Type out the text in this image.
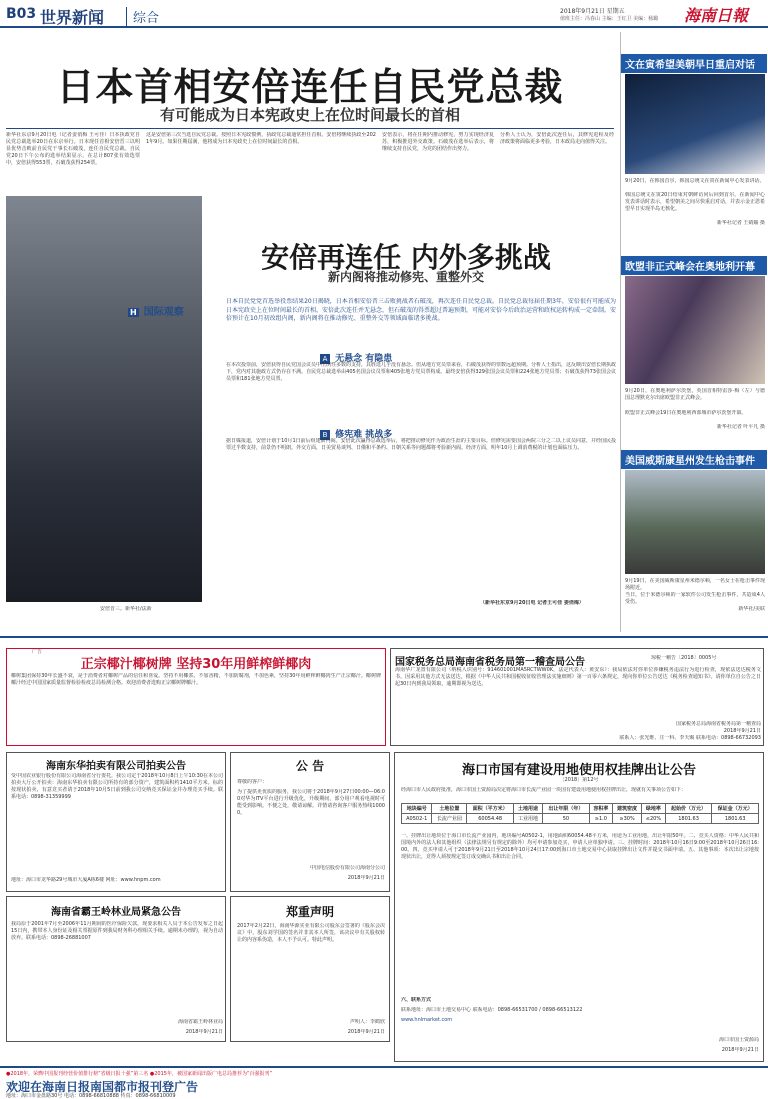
B03 世界新闻	综合	2018年9月21日 星期五
值班主任：冯春山 主编：王红卫 美编：杨璐 海南日報
日本首相安倍连任自民党总裁
有可能成为日本宪政史上在位时间最长的首相
新华社东京9月20日电（记者姜俏梅 王可佳）日本执政党自民党总裁选举20日在东京举行。日本现任首相安倍晋三以明显优势击败前自民党干事长石破茂，连任自民党总裁。自民党20日下午公布的选举结果显示，在总计807张有效选票中，安倍获得553票，石破茂获得254票。
这是安倍第三次当选自民党总裁。按照日本宪政惯例，执政党总裁通常担任首相。安倍将继续执政至2021年9月。如果任期届满，他将成为日本宪政史上在位时间最长的首相。
安倍表示，将在任期内推动修宪，努力实现经济复苏，积极推进外交政策。石破茂在选举后表示，将继续支持自民党，为党的团结作出努力。
分析人士认为，安倍此次连任后，其修宪进程及经济政策将面临更多考验，日本政局走向值得关注。
文在寅希望美朝早日重启对话
9月20日，在韩国首尔，韩国总统文在寅在新闻中心发表讲话。
韩国总统文在寅20日结束对朝鲜访问后回到首尔，在新闻中心发表讲话时表示，希望朝美之间尽快重启对话，并表示金正恩希望早日实现半岛无核化。
新华社记者 王婧嫱 摄
欧盟非正式峰会在奥地利开幕
9月20日，在奥地利萨尔茨堡，英国首相特雷莎·梅（左）与德国总理默克尔出席欧盟非正式峰会。
欧盟非正式峰会19日在奥地利西部城市萨尔茨堡开幕。
新华社记者 叶平凡 摄
美国威斯康星州发生枪击事件
9月19日，在美国威斯康星州米德尔顿，一名女士在枪击事件现场附近。
当日，位于米德尔顿的一家软件公司发生枪击事件，共造成4人受伤。
新华社/美联
安倍晋三。新华社/法新
安倍再连任 内外多挑战
新内阁将推动修宪、重整外交
H 国际观察
日本自民党党首选举投票结果20日揭晓，日本首相安倍晋三击败挑战者石破茂，再次连任自民党总裁。自民党总裁每届任期3年，安倍很有可能成为日本宪政史上在位时间最长的首相。安倍此次连任并无悬念，但石破茂的得票超过普遍预期，可能对安倍今后政治运营和政权运转构成一定牵制。安倍预计在10月初改组内阁，新内阁将在推动修宪、重整外交等领域面临诸多挑战。
A 无悬念 有隐患
在本次投票前，安倍获得自民党国会议员中压倒性多数的支持，其胜选几乎没有悬念。但从地方党员票来看，石破茂获得的票数远超预期。分析人士指出，这反映出安倍长期执政下，党内对其施政方式仍存在不满。自民党总裁选举由405名国会议员票和405张地方党员票构成。最终安倍获得329张国会议员票和224张地方党员票；石破茂获得73张国会议员票和181张地方党员票。
B 修宪难 挑战多
据日媒报道，安倍计划于10月1日前后组建新内阁。安倍此次赢得总裁选举后，将把推动修宪作为政治生涯的主要目标。但修宪需要国会两院三分之二以上议员同意，并经国民投票过半数支持，前景仍不明朗。外交方面，日美贸易谈判、日俄和平条约、日朝关系等问题都将考验新内阁。经济方面，明年10月上调消费税的计划也面临压力。
（新华社东京9月20日电 记者王可佳 姜俏梅）
广告
正宗椰汁椰树牌 坚持30年用鲜榨鲜椰肉
椰树集团保持30年长盛不衰，是于消费者对椰树产品的信任和喜爱。坚持不用椰浆、不加香精，不加防腐剂，不加色素，坚持30年用鲜榨鲜椰肉生产正宗椰汁。椰树牌椰汁经过中国国家质量监督检验检疫总局检测合格。欢迎消费者选购正宗椰树牌椰汁。
国家税务总局海南省税务局第一稽查局公告	琼税一稽告〔2018〕0005号
海南华广龙置有限公司（纳税人识别号：914601001MA5RCTWW0K，法定代表人：黄安东）：我局依法对你单位涉嫌税务违法行为进行检查，现依法送达税务文书。因采用其他方式无法送达，根据《中华人民共和国税收征收管理法实施细则》第一百零六条规定，现向你单位公告送达《税务检查通知书》。请你单位自公告之日起30日内到我局领取，逾期即视为送达。
国家税务总局海南省税务局第一稽查局
2018年9月21日
联系人：张光维、庄一科、李天赐 联系电话：0898-66732093
海南东华拍卖有限公司拍卖公告
受中国农业银行股份有限公司海南省分行委托，我公司定于2018年10月8日上午10:30在本公司拍卖大厅公开拍卖：海南东华拍卖有限公司所持有的部分资产，建筑面积约1410平方米。标的按现状拍卖，有意竞买者请于2018年10月5日前到我公司交纳竞买保证金并办理竞买手续。联系电话：0898-31359999
地址：海口市龙华路29号城市大厦A栋6楼 网址：www.hnpm.com
公 告
尊敬的客户：
为了提供更优质的服务，我公司将于2018年9月27日00:00—06:00对华为ITV平台进行升级优化，升级期间，部分用户观看电视时可能受到影响。不便之处，敬请谅解。详情请咨询客户服务热线10000。
中国电信股份有限公司海南分公司
2018年9月21日
海口市国有建设用地使用权挂牌出让公告
［2018］第12号
经海口市人民政府批准，海口市国土资源局决定将海口市长流产业园一块国有建设用地使用权挂牌出让，现就有关事项公告如下：
地块编号	土地位置	面积（平方米）	土地用途	出让年限（年）	容积率	建筑密度	绿地率	起始价（万元）	保证金（万元）
A0502-1	长流产业园	60054.48	工业用地	50	≥1.0	≥30%	≤20%	1801.63	1801.63
一、挂牌出让地块位于海口市长流产业园内，地块编号A0502-1，用地面积60054.48平方米，用途为工业用地，出让年限50年。二、竞买人资格：中华人民共和国境内外的法人和其他组织（法律法规另有规定的除外）均可申请参加竞买，申请人应单独申请。三、挂牌时间：2018年10月16日9:00至2018年10月26日16:00。四、竞买申请人可于2018年9月21日至2018年10月24日17:00到海口市土地交易中心获取挂牌出让文件并提交书面申请。五、其他事项：本次出让宗地按现状出让，竞得人须按规定签订成交确认书和出让合同。
六、联系方式
联系地址：海口市土地交易中心 联系电话：0898-66531700 / 0898-66513122
www.hnlmarket.com
海口市国土资源局
2018年9月21日
海南省霸王岭林业局紧急公告
我局原于2001年7月至2006年11月期间的医疗保险欠款，现要求相关人员于本公告发布之日起15日内，携带本人身份证及相关票据原件到我局财务科办理相关手续。逾期未办理的，视为自动放弃。联系电话：0898-26881007
海南省霸王岭林业局
2018年9月21日
郑重声明
2017年2月22日，海南华源实业有限公司股东会签署的《股东会决议》中，股东刘学国的签名并非其本人所签，该决议中有关股权转让的内容系伪造，本人不予认可。特此声明。
声明人：李鹤欣
2018年9月21日
●2018年，荣膺中国报刊经营价值排行榜“省级日报十强”第三名 ●2015年，被国家新闻出版广电总局推荐为“百强报刊”
欢迎在海南日报南国都市报刊登广告
地址：海口市金盘路30号 电话：0898-66810888 传真：0898-66810009
